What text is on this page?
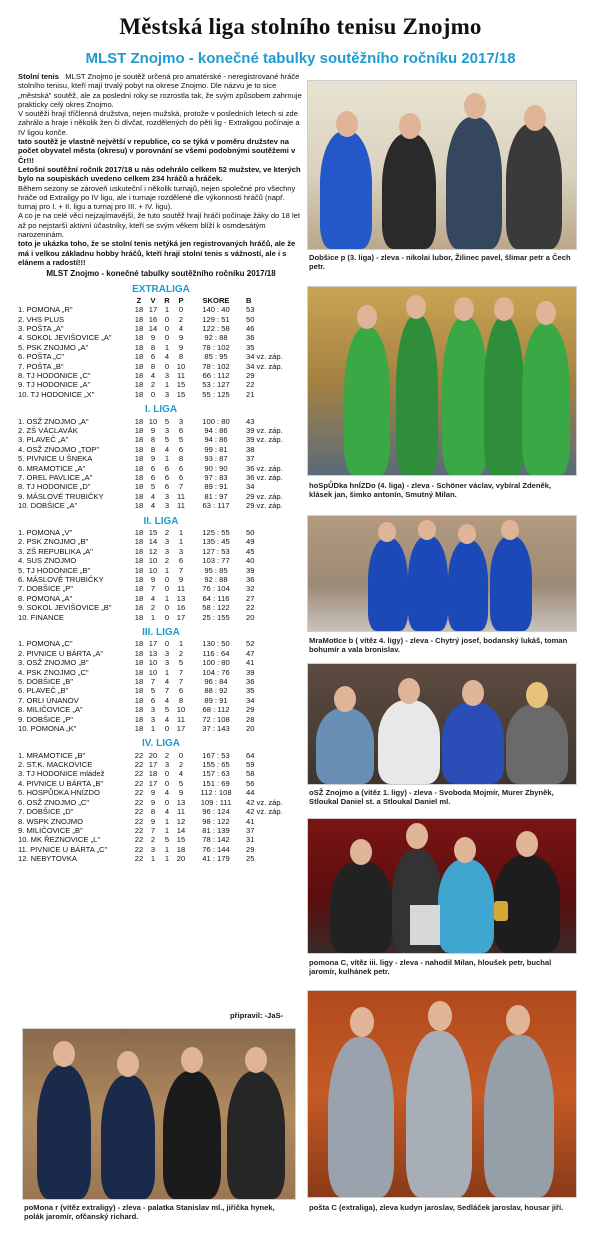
Městská liga stolního tenisu Znojmo
MLST Znojmo - konečné tabulky soutěžního ročníku 2017/18

Stolní tenis MLST Znojmo je soutěž určená pro amatérské - neregistrované hráče stolního tenisu, kteří mají trvalý pobyt na okrese Znojmo. Dle názvu je to sice „městská" soutěž, ale za poslední roky se rozrostla tak, že svým způsobem zahrnuje prakticky celý okres Znojmo.

V soutěži hrají tříčlenná družstva, nejen mužská, protože v posledních letech si zde zahrálo a hraje i několik žen či dívčat, rozdělených do pěti lig - Extraligou počínaje a IV ligou konče.

tato soutěž je vlastně největší v republice, co se týká v poměru družstev na počet obyvatel města (okresu) v porovnání se všemi podobnými soutěžemi v Čr!!!

Letošní soutěžní ročník 2017/18 u nás odehrálo celkem 52 mužstev, ve kterých bylo na soupiskách uvedeno celkem 234 hráčů a hráček.

Během sezony se zároveň uskuteční i několik turnajů, nejen společné pro všechny hráče od Extraligy po IV ligu, ale i turnaje rozdělené dle výkonnosti hráčů (např. turnaj pro I. + II. ligu a turnaj pro III. + IV. ligu).

A co je na celé věci nejzajímavější, že tuto soutěž hrají hráči počínaje žáky do 18 let až po nejstarší aktivní účastníky, kteří se svým věkem blíží k osmdesátým narozeninám.

toto je ukázka toho, že se stolní tenis netýká jen registrovaných hráčů, ale že má i velkou základnu hobby hráčů, kteří hrají stolní tenis s vážností, ale i s elánem a radostí!!!

MLST Znojmo - konečné tabulky soutěžního ročníku 2017/18
EXTRALIGA
	Z	V	R	P	SKORE	B
1. POMONA „R"	18	17	1	0	140 : 40	53
2. VHS PLUS	18	16	0	2	129 : 51	50
3. POŠTA „A"	18	14	0	4	122 : 58	46
4. SOKOL JEVIŠOVICE „A"	18	9	0	9	92 : 88	36
5. PSK ZNOJMO „A"	18	8	1	9	78 : 102	35
6. POŠTA „C"	18	6	4	8	85 : 95	34 vz. záp.
7. POŠTA „B"	18	8	0	10	78 : 102	34 vz. záp.
8. TJ HODONICE „C"	18	4	3	11	66 : 112	29
9. TJ HODONICE „A"	18	2	1	15	53 : 127	22
10. TJ HODONICE „X"	18	0	3	15	55 : 125	21
I. LIGA
1. OSŽ ZNOJMO „A"	18	10	5	3	100 : 80	43
2. ZŠ VÁCLAVÁK	18	9	3	6	94 : 86	39 vz. záp.
3. PLAVEČ „A"	18	8	5	5	94 : 86	39 vz. záp.
4. OSŽ ZNOJMO „TOP"	18	8	4	6	99 : 81	38
5. PIVNICE U ŠNEKA	18	9	1	8	93 : 87	37
6. MRAMOTICE „A"	18	6	6	6	90 : 90	36 vz. záp.
7. OREL PAVLICE „A"	18	6	6	6	97 : 83	36 vz. záp.
8. TJ HODONICE „D"	18	5	6	7	89 : 91	34
9. MÁSLOVÉ TRUBIČKY	18	4	3	11	81 : 97	29 vz. záp.
10. DOBŠICE „A"	18	4	3	11	63 : 117	29 vz. záp.
II. LIGA
1. POMONA „V"	18	15	2	1	125 : 55	50
2. PSK ZNOJMO „B"	18	14	3	1	135 : 45	49
3. ZŠ REPUBLIKA „A"	18	12	3	3	127 : 53	45
4. SUS ZNOJMO	18	10	2	6	103 : 77	40
5. TJ HODONICE „B"	18	10	1	7	95 : 85	39
6. MÁSLOVÉ TRUBIČKY	18	9	0	9	92 : 88	36
7. DOBŠICE „P"	18	7	0	11	76 : 104	32
8. POMONA „A"	18	4	1	13	64 : 116	27
9. SOKOL JEVIŠOVICE „B"	18	2	0	16	58 : 122	22
10. FINANCE	18	1	0	17	25 : 155	20
III. LIGA
1. POMONA „C"	18	17	0	1	130 : 50	52
2. PIVNICE U BÁRTA „A"	18	13	3	2	116 : 64	47
3. OSŽ ZNOJMO „B"	18	10	3	5	100 : 80	41
4. PSK ZNOJMO „C"	18	10	1	7	104 : 76	39
5. DOBŠICE „B"	18	7	4	7	96 : 84	36
6. PLAVEČ „B"	18	5	7	6	88 : 92	35
7. ORLI ÚNANOV	18	6	4	8	89 : 91	34
8. MILIČOVICE „A"	18	3	5	10	68 : 112	29
9. DOBŠICE „P"	18	3	4	11	72 : 108	28
10. POMONA „K"	18	1	0	17	37 : 143	20
IV. LIGA
1. MRAMOTICE „B"	22	20	2	0	167 : 53	64
2. ST.K. MACKOVICE	22	17	3	2	155 : 65	59
3. TJ HODONICE mládež	22	18	0	4	157 : 63	58
4. PIVNICE U BÁRTA „B"	22	17	0	5	151 : 69	56
5. HOSPŮDKA HNÍZDO	22	9	4	9	112 : 108	44
6. OSŽ ZNOJMO „C"	22	9	0	13	109 : 111	42 vz. záp.
7. DOBŠICE „D"	22	8	4	11	96 : 124	42 vz. záp.
8. WSPK ZNOJMO	22	9	1	12	98 : 122	41
9. MILIČOVICE „B"	22	7	1	14	81 : 139	37
10. MK ŘEZNOVICE „L"	22	2	5	15	78 : 142	31
11. PIVNICE U BÁRTA „C"	22	3	1	18	76 : 144	29
12. NEBYTOVKA	22	1	1	20	41 : 179	25
připravil: -JaS-
Dobšice p (3. liga) - zleva - nikolai lubor, Žilinec pavel, šlimar petr a Čech petr.
hoSpŮDka hnÍZDo (4. liga) - zleva - Schöner václav, vybíral Zdeněk, klásek jan, šimko antonín, Smutný Milan.
MraMotIce b ( vítěz 4. ligy) - zleva - Chytrý josef, bodanský lukáš, toman bohumír a vala bronislav.
oSŽ Znojmo a (vítěz 1. ligy) - zleva - Svoboda Mojmír, Murer Zbyněk, Stloukal Daniel st. a Stloukal Daniel ml.
pomona C, vítěz iii. ligy - zleva - nahodil Milan, hloušek petr, buchal jaromír, kulhánek petr.
poMona r (vítěz extraligy) - zleva - palatka Stanislav ml., jiřička hynek, polák jaromír, ofčanský richard.
pošta C (extraliga), zleva kudyn jaroslav, Sedláček jaroslav, housar jiří.
